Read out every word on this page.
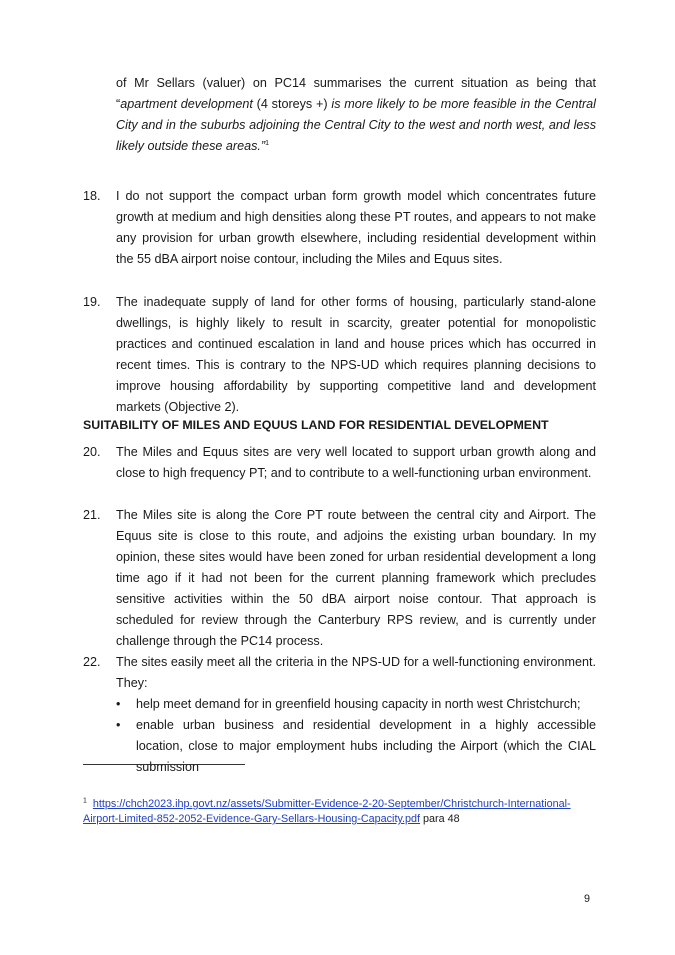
of Mr Sellars (valuer) on PC14 summarises the current situation as being that “apartment development (4 storeys +) is more likely to be more feasible in the Central City and in the suburbs adjoining the Central City to the west and north west, and less likely outside these areas.”$^1$
18. I do not support the compact urban form growth model which concentrates future growth at medium and high densities along these PT routes, and appears to not make any provision for urban growth elsewhere, including residential development within the 55 dBA airport noise contour, including the Miles and Equus sites.
19. The inadequate supply of land for other forms of housing, particularly stand-alone dwellings, is highly likely to result in scarcity, greater potential for monopolistic practices and continued escalation in land and house prices which has occurred in recent times. This is contrary to the NPS-UD which requires planning decisions to improve housing affordability by supporting competitive land and development markets (Objective 2).
SUITABILITY OF MILES AND EQUUS LAND FOR RESIDENTIAL DEVELOPMENT
20. The Miles and Equus sites are very well located to support urban growth along and close to high frequency PT; and to contribute to a well-functioning urban environment.
21. The Miles site is along the Core PT route between the central city and Airport. The Equus site is close to this route, and adjoins the existing urban boundary. In my opinion, these sites would have been zoned for urban residential development a long time ago if it had not been for the current planning framework which precludes sensitive activities within the 50 dBA airport noise contour. That approach is scheduled for review through the Canterbury RPS review, and is currently under challenge through the PC14 process.
22. The sites easily meet all the criteria in the NPS-UD for a well-functioning environment. They:
• help meet demand for in greenfield housing capacity in north west Christchurch;
• enable urban business and residential development in a highly accessible location, close to major employment hubs including the Airport (which the CIAL submission
$^1$ https://chch2023.ihp.govt.nz/assets/Submitter-Evidence-2-20-September/Christchurch-International-Airport-Limited-852-2052-Evidence-Gary-Sellars-Housing-Capacity.pdf para 48
9
